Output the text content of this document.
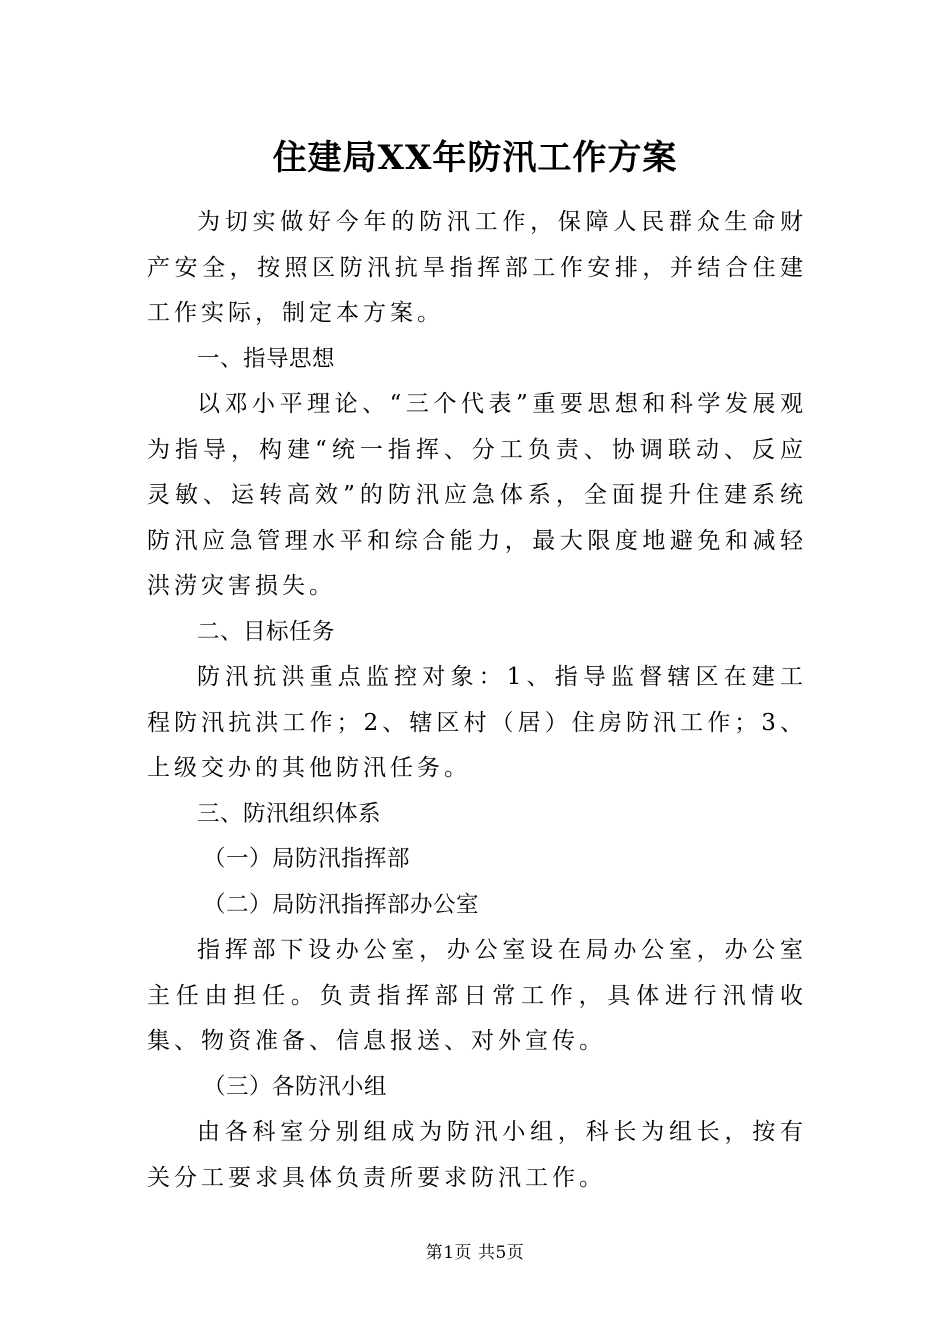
住建局XX年防汛工作方案

为切实做好今年的防汛工作，保障人民群众生命财产安全，按照区防汛抗旱指挥部工作安排，并结合住建工作实际，制定本方案。

一、指导思想

以邓小平理论、“三个代表”重要思想和科学发展观为指导，构建“统一指挥、分工负责、协调联动、反应灵敏、运转高效”的防汛应急体系，全面提升住建系统防汛应急管理水平和综合能力，最大限度地避免和减轻洪涝灾害损失。

二、目标任务

防汛抗洪重点监控对象：1、指导监督辖区在建工程防汛抗洪工作；2、辖区村（居）住房防汛工作；3、上级交办的其他防汛任务。

三、防汛组织体系

（一）局防汛指挥部

（二）局防汛指挥部办公室

指挥部下设办公室，办公室设在局办公室，办公室主任由担任。负责指挥部日常工作，具体进行汛情收集、物资准备、信息报送、对外宣传。

（三）各防汛小组

由各科室分别组成为防汛小组，科长为组长，按有关分工要求具体负责所要求防汛工作。

第1页 共5页
